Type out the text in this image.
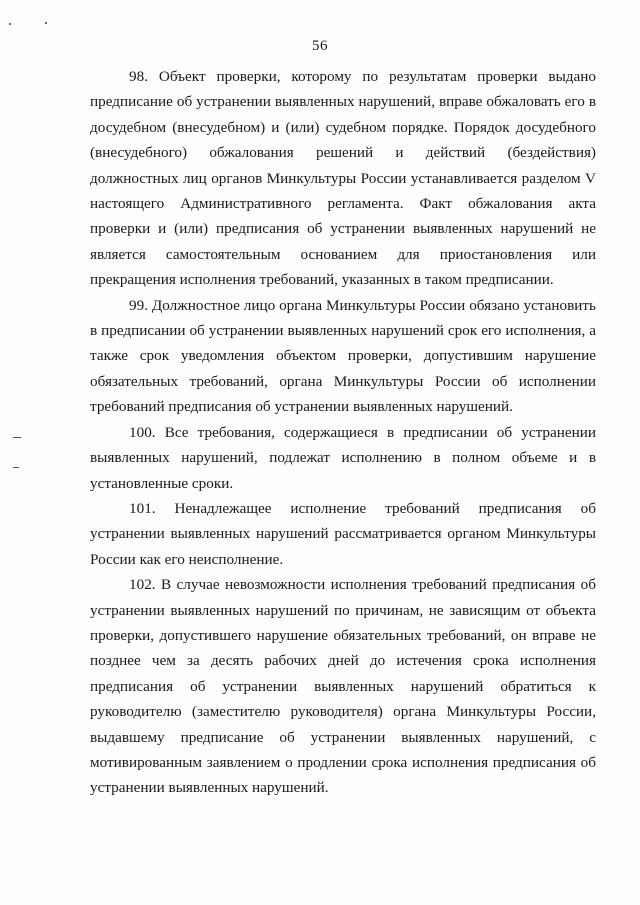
56

98. Объект проверки, которому по результатам проверки выдано предписание об устранении выявленных нарушений, вправе обжаловать его в досудебном (внесудебном) и (или) судебном порядке. Порядок досудебного (внесудебного) обжалования решений и действий (бездействия) должностных лиц органов Минкультуры России устанавливается разделом V настоящего Административного регламента. Факт обжалования акта проверки и (или) предписания об устранении выявленных нарушений не является самостоятельным основанием для приостановления или прекращения исполнения требований, указанных в таком предписании.

99. Должностное лицо органа Минкультуры России обязано установить в предписании об устранении выявленных нарушений срок его исполнения, а также срок уведомления объектом проверки, допустившим нарушение обязательных требований, органа Минкультуры России об исполнении требований предписания об устранении выявленных нарушений.

100. Все требования, содержащиеся в предписании об устранении выявленных нарушений, подлежат исполнению в полном объеме и в установленные сроки.

101. Ненадлежащее исполнение требований предписания об устранении выявленных нарушений рассматривается органом Минкультуры России как его неисполнение.

102. В случае невозможности исполнения требований предписания об устранении выявленных нарушений по причинам, не зависящим от объекта проверки, допустившего нарушение обязательных требований, он вправе не позднее чем за десять рабочих дней до истечения срока исполнения предписания об устранении выявленных нарушений обратиться к руководителю (заместителю руководителя) органа Минкультуры России, выдавшему предписание об устранении выявленных нарушений, с мотивированным заявлением о продлении срока исполнения предписания об устранении выявленных нарушений.
